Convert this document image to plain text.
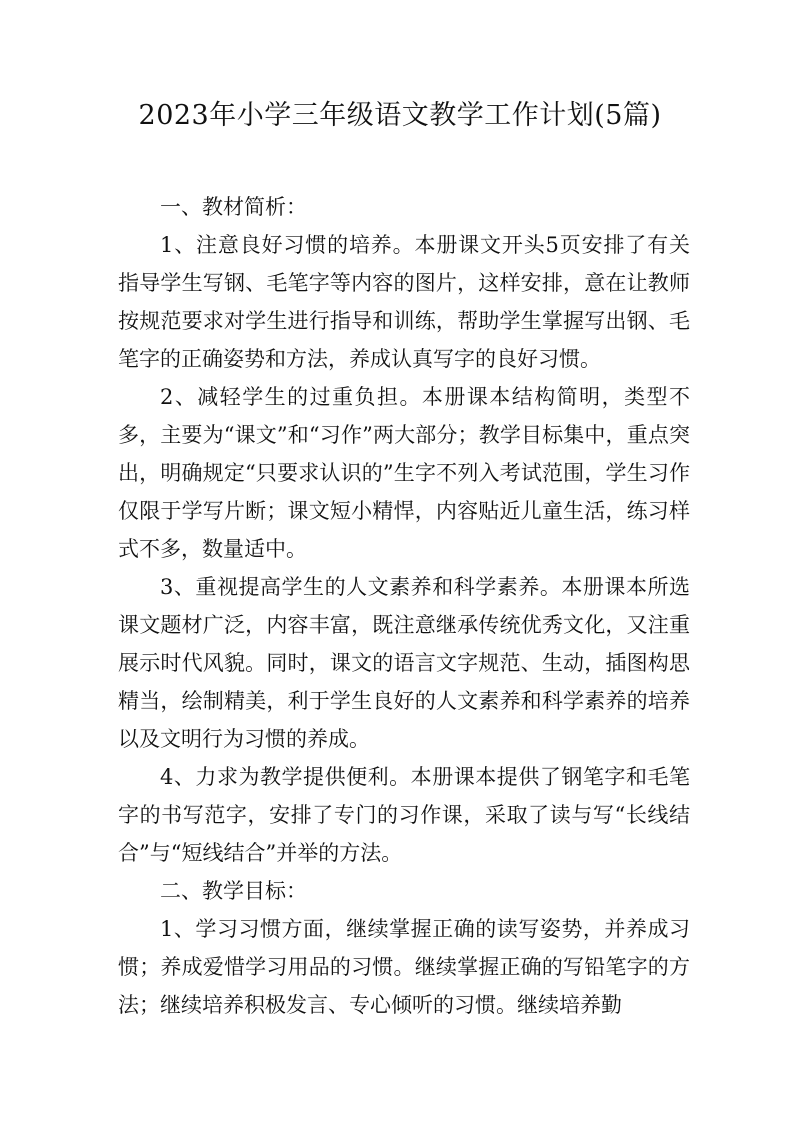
2023年小学三年级语文教学工作计划(5篇)

一、教材简析：

1、注意良好习惯的培养。本册课文开头5页安排了有关指导学生写钢、毛笔字等内容的图片，这样安排，意在让教师按规范要求对学生进行指导和训练，帮助学生掌握写出钢、毛笔字的正确姿势和方法，养成认真写字的良好习惯。

2、减轻学生的过重负担。本册课本结构简明，类型不多，主要为“课文”和“习作”两大部分；教学目标集中，重点突出，明确规定“只要求认识的”生字不列入考试范围，学生习作仅限于学写片断；课文短小精悍，内容贴近儿童生活，练习样式不多，数量适中。

3、重视提高学生的人文素养和科学素养。本册课本所选课文题材广泛，内容丰富，既注意继承传统优秀文化，又注重展示时代风貌。同时，课文的语言文字规范、生动，插图构思精当，绘制精美，利于学生良好的人文素养和科学素养的培养以及文明行为习惯的养成。

4、力求为教学提供便利。本册课本提供了钢笔字和毛笔字的书写范字，安排了专门的习作课，采取了读与写“长线结合”与“短线结合”并举的方法。

二、教学目标：

1、学习习惯方面，继续掌握正确的读写姿势，并养成习惯；养成爱惜学习用品的习惯。继续掌握正确的写铅笔字的方法；继续培养积极发言、专心倾听的习惯。继续培养勤
